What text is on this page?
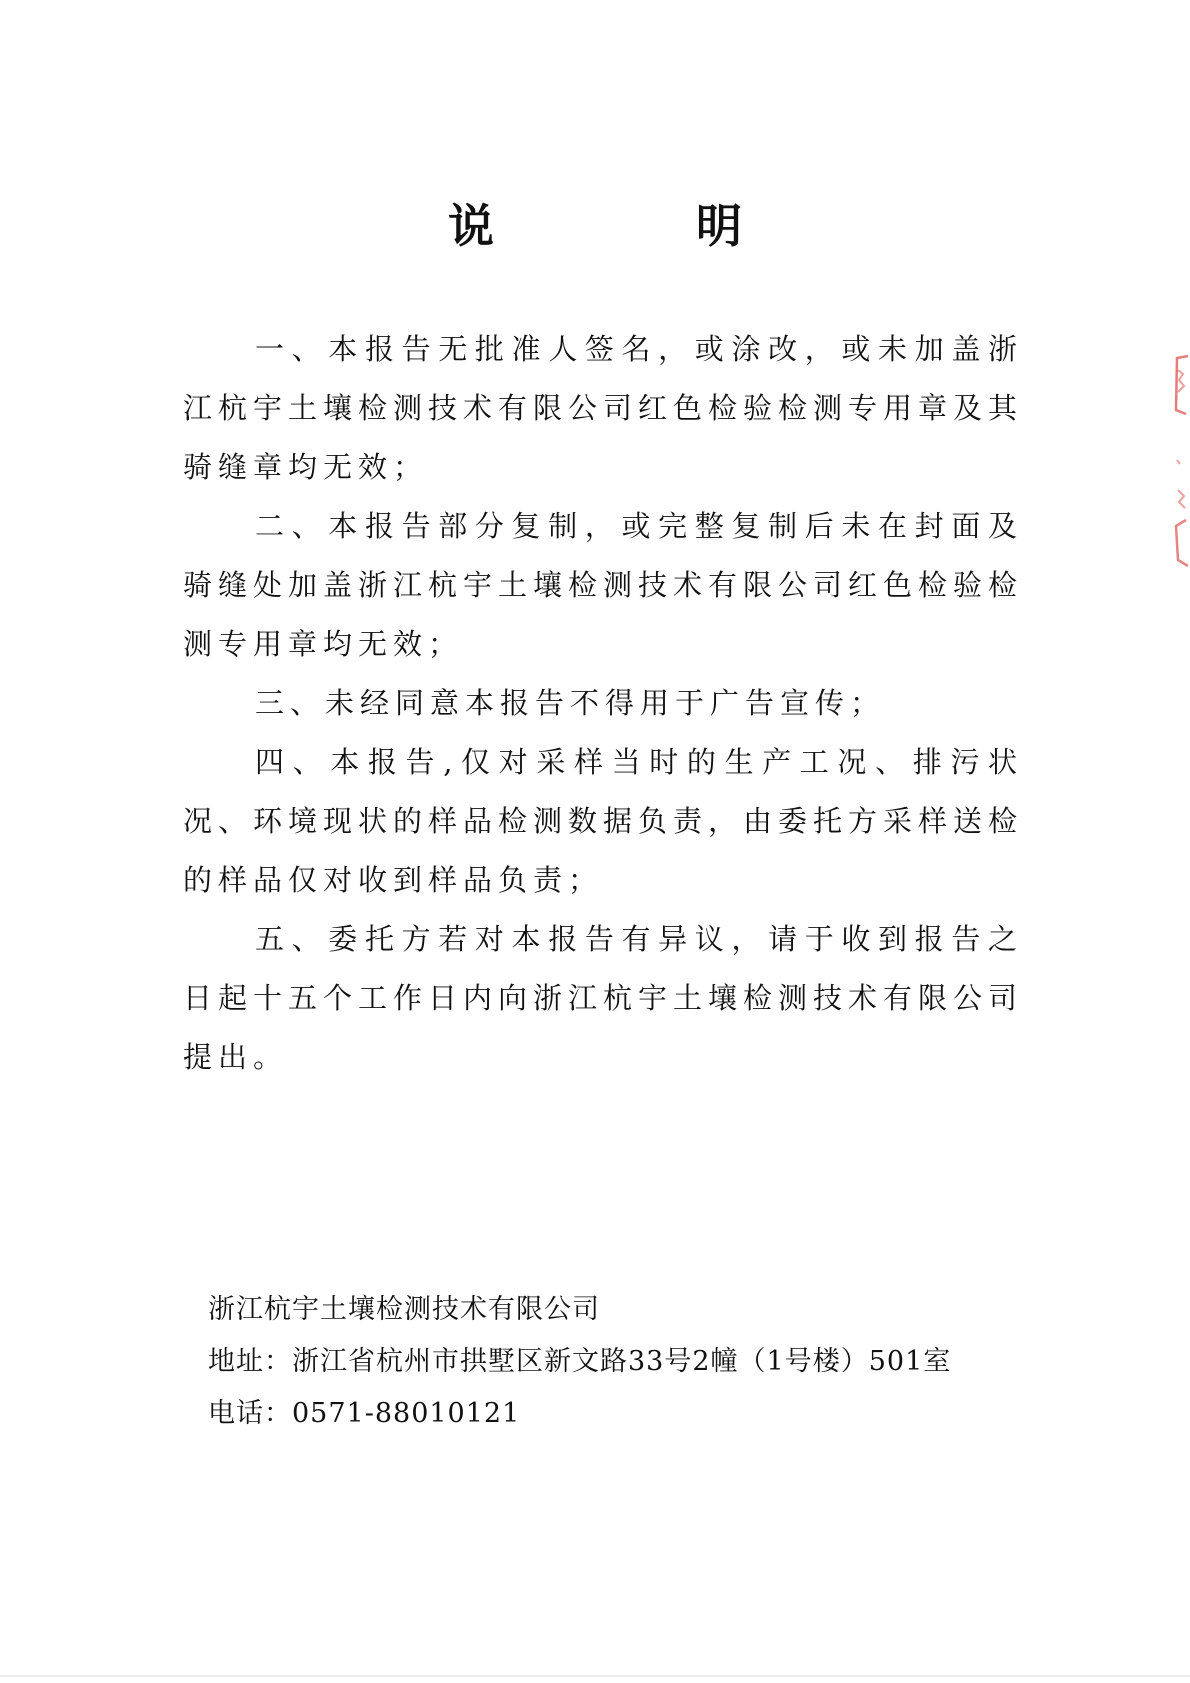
说　明

一、本报告无批准人签名，或涂改，或未加盖浙江杭宇土壤检测技术有限公司红色检验检测专用章及其骑缝章均无效；

二、本报告部分复制，或完整复制后未在封面及骑缝处加盖浙江杭宇土壤检测技术有限公司红色检验检测专用章均无效；

三、未经同意本报告不得用于广告宣传；

四、本报告,仅对采样当时的生产工况、排污状况、环境现状的样品检测数据负责，由委托方采样送检的样品仅对收到样品负责；

五、委托方若对本报告有异议，请于收到报告之日起十五个工作日内向浙江杭宇土壤检测技术有限公司提出。

浙江杭宇土壤检测技术有限公司
地址：浙江省杭州市拱墅区新文路33号2幢（1号楼）501室
电话：0571-88010121
